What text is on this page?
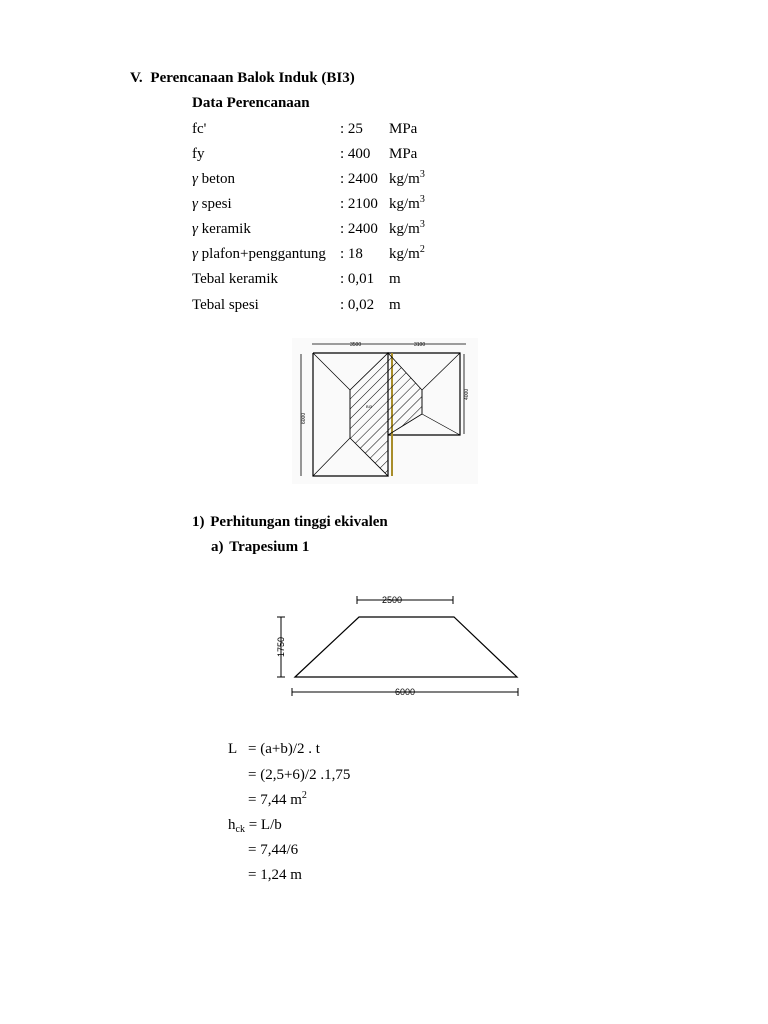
V. Perencanaan Balok Induk (BI3)
Data Perencanaan
fc'	: 25 MPa
fy	: 400 MPa
γ beton	: 2400 $kg/m^3$
γ spesi	: 2100 $kg/m^3$
γ keramik	: 2400 $kg/m^3$
γ plafon+penggantung : 18 $kg/m^2$
Tebal keramik	: 0,01 m
Tebal spesi	: 0,02 m
3500	3100
6000
4000
BI3
1) Perhitungan tinggi ekivalen
a) Trapesium 1
2500
1750
6000
L = (a+b)/2 . t
= (2,5+6)/2 .1,75
= 7,44 $m^2$
$h_{ck} = L/b$
= 7,44/6
= 1,24 m
